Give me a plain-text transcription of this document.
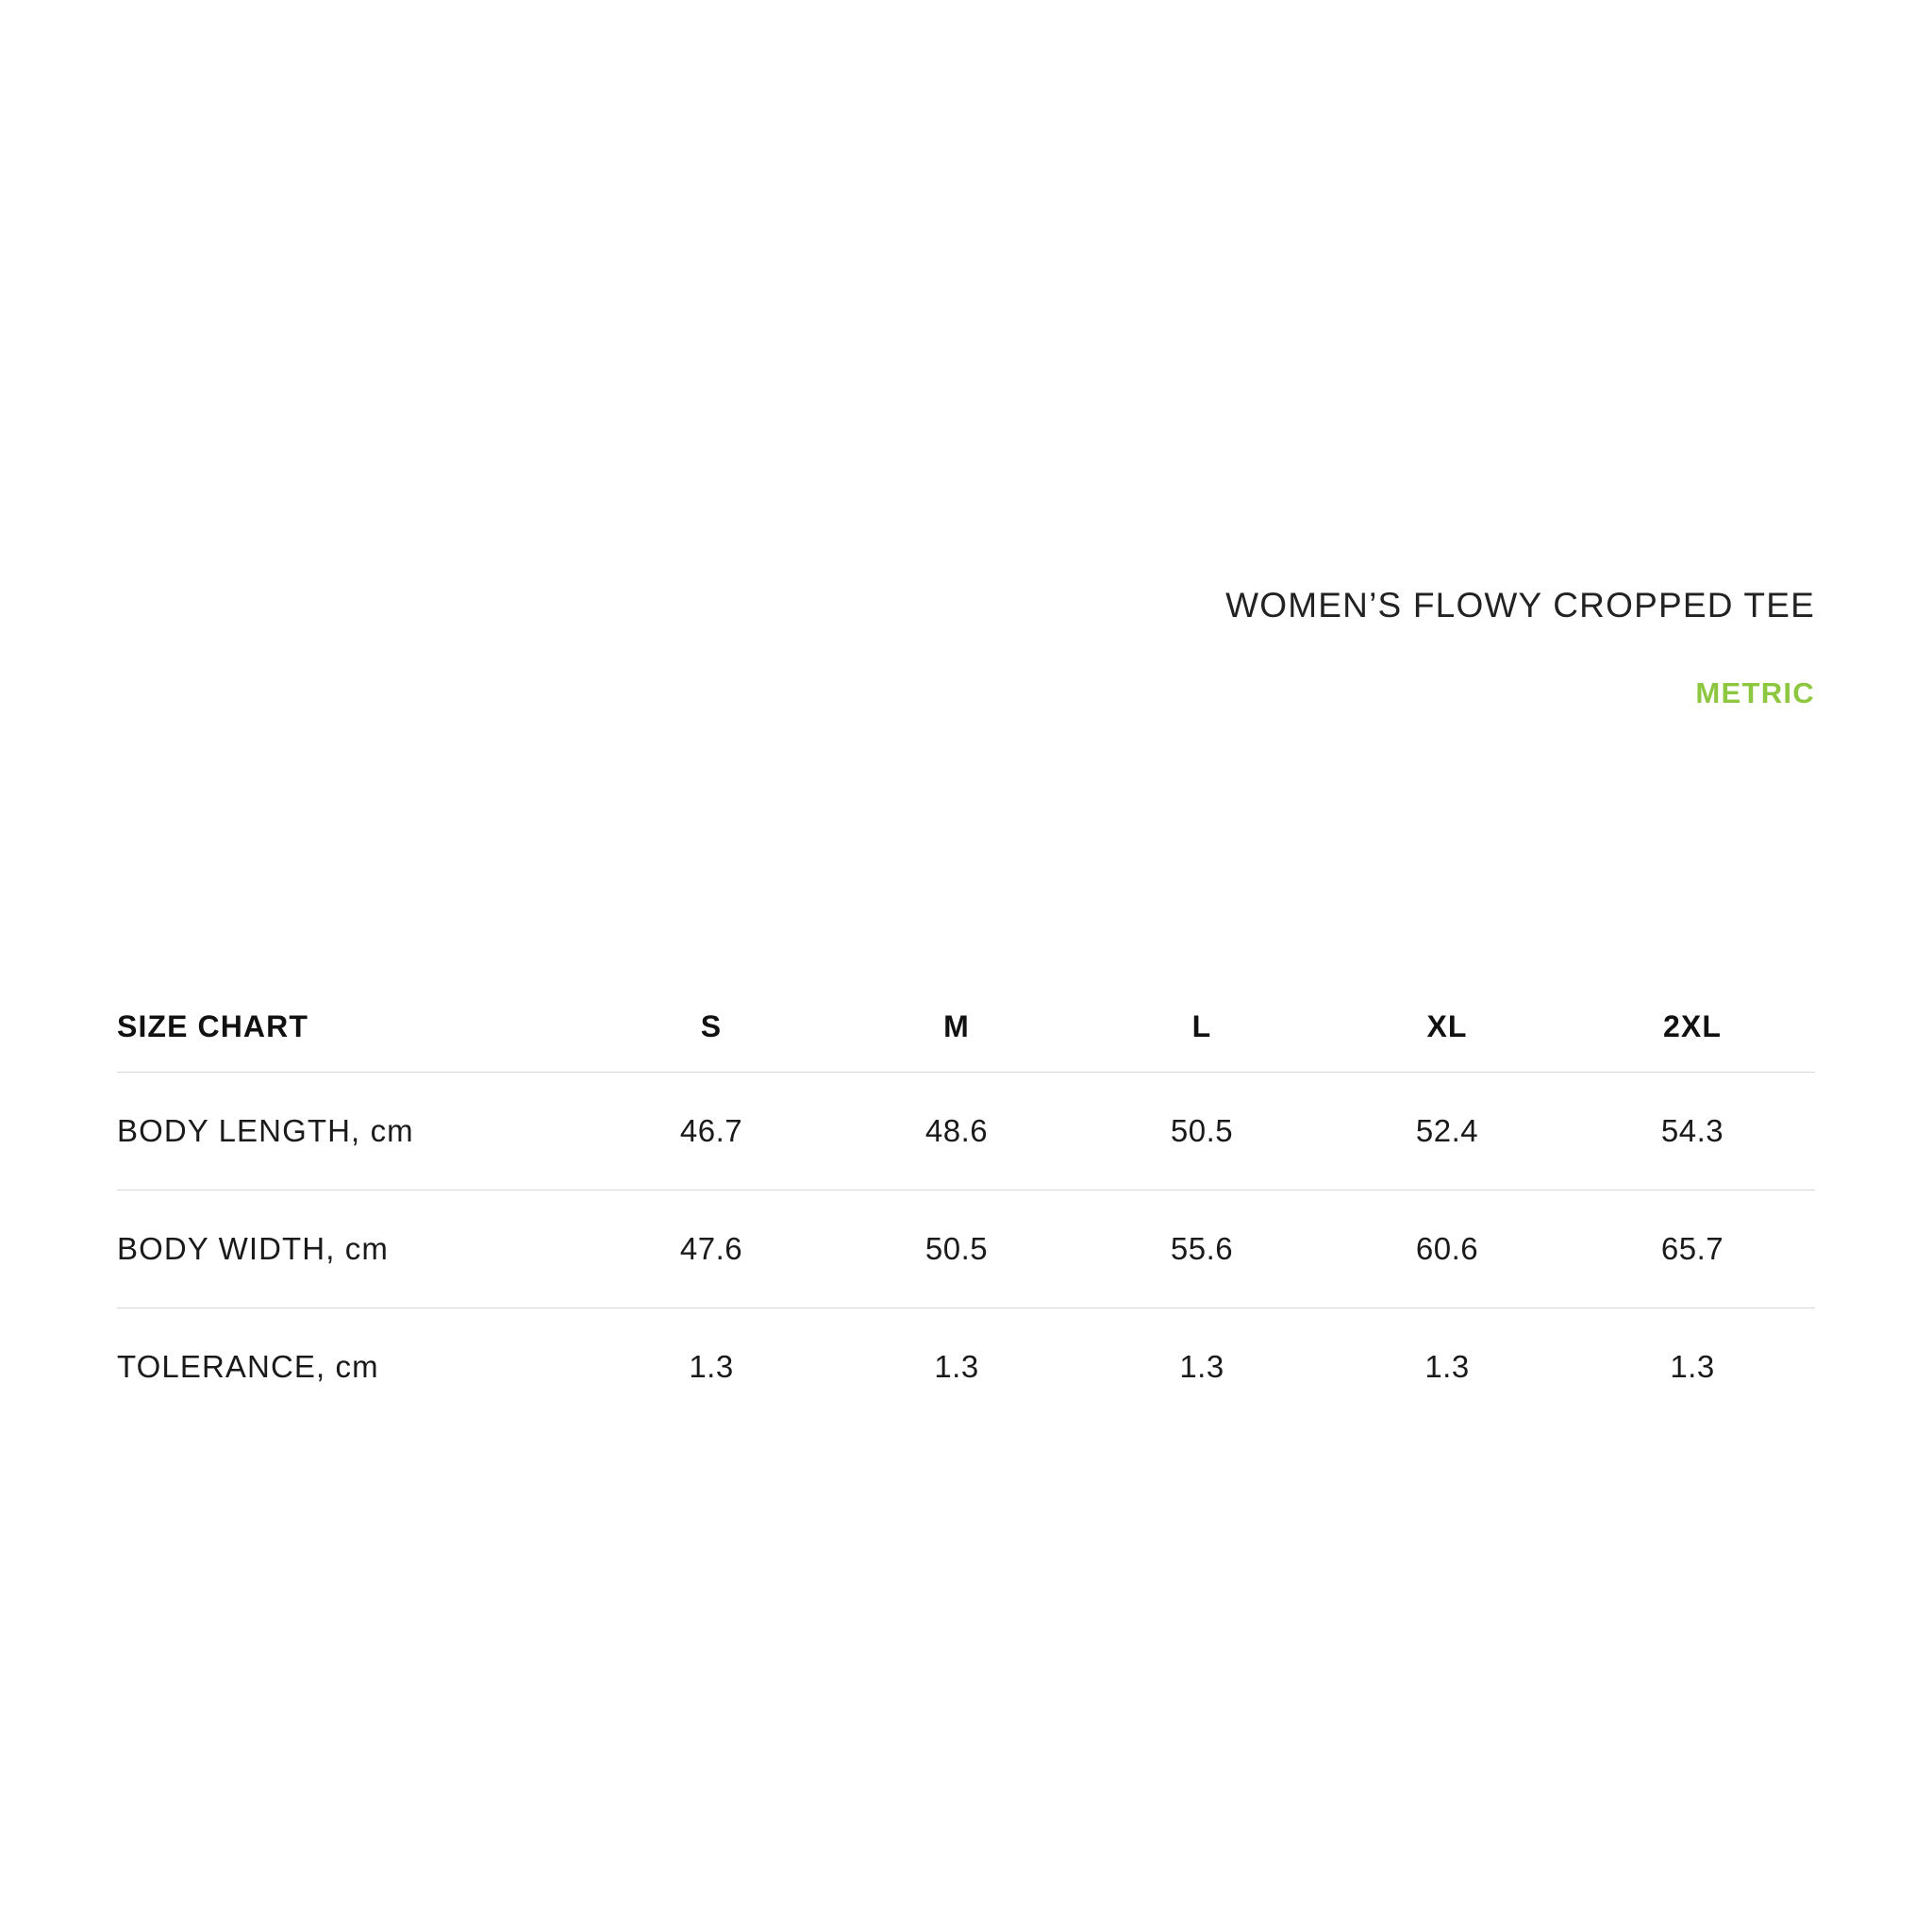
WOMEN’S FLOWY CROPPED TEE
METRIC
SIZE CHART	S	M	L	XL	2XL
BODY LENGTH, cm	46.7	48.6	50.5	52.4	54.3
BODY WIDTH, cm	47.6	50.5	55.6	60.6	65.7
TOLERANCE, cm	1.3	1.3	1.3	1.3	1.3
